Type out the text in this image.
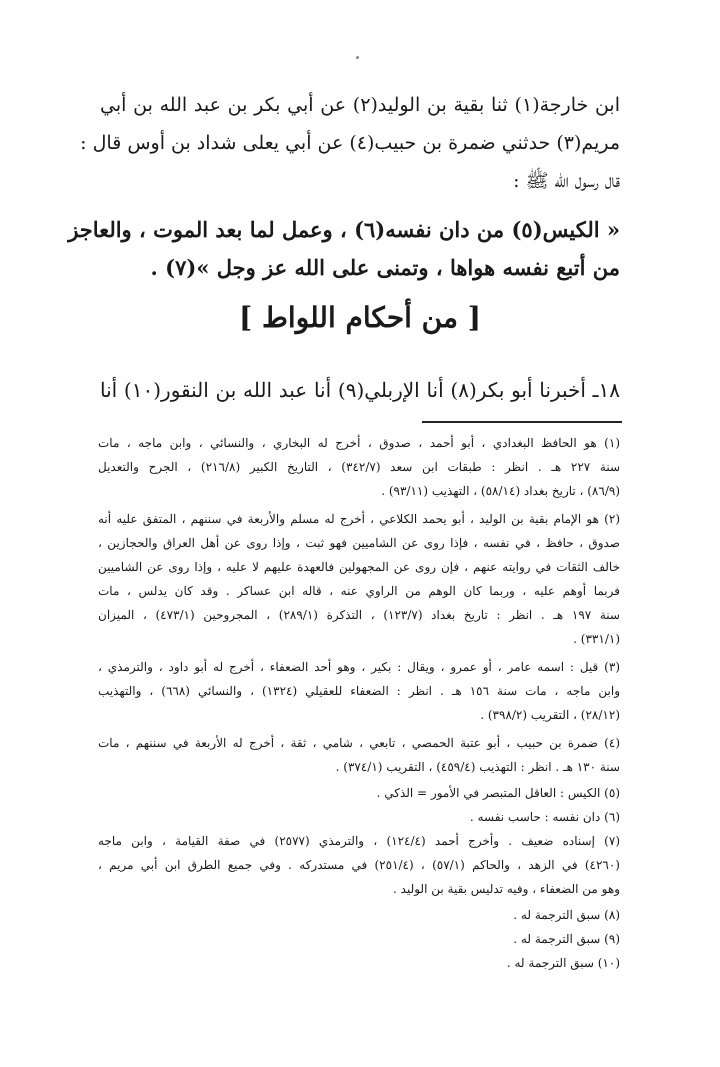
ابن خارجة(١) ثنا بقية بن الوليد(٢) عن أبي بكر بن عبد الله بن أبي
مريم(٣) حدثني ضمرة بن حبيب(٤) عن أبي يعلى شداد بن أوس قال :
قال رسول الله ﷺ :
« الكيس(٥) من دان نفسه(٦) ، وعمل لما بعد الموت ، والعاجز
من أتبع نفسه هواها ، وتمنى على الله عز وجل »(٧) .
[ من أحكام اللواط ]
١٨ـ أخبرنا أبو بكر(٨) أنا الإربلي(٩) أنا عبد الله بن النقور(١٠) أنا
(١) هو الحافظ البغدادي ، أبو أحمد ، صدوق ، أخرج له البخاري ، والنسائي ، وابن ماجه ، مات
سنة ٢٢٧ هـ . انظر : طبقات ابن سعد (٣٤٢/٧) ، التاريخ الكبير (٢١٦/٨) ، الجرح والتعديل
(٨٦/٩) ، تاريخ بغداد (٥٨/١٤) ، التهذيب (٩٣/١١) .
(٢) هو الإمام بقية بن الوليد ، أبو يحمد الكلاعي ، أخرج له مسلم والأربعة في سننهم ، المتفق عليه أنه
صدوق ، حافظ ، في نفسه ، فإذا روى عن الشاميين فهو ثبت ، وإذا روى عن أهل العراق والحجازين ،
خالف الثقات في روايته عنهم ، فإن روى عن المجهولين فالعهدة عليهم لا عليه ، وإذا روى عن الشاميين
فربما أوهم عليه ، وربما كان الوهم من الراوي عنه ، قاله ابن عساكر . وقد كان يدلس ، مات
سنة ١٩٧ هـ . انظر : تاريخ بغداد (١٢٣/٧) ، التذكرة (٢٨٩/١) ، المجروحين (٤٧٣/١) ، الميزان
(٣٣١/١) .
(٣) قيل : اسمه عامر ، أو عمرو ، ويقال : بكير ، وهو أحد الضعفاء ، أخرج له أبو داود ، والترمذي ،
وابن ماجه ، مات سنة ١٥٦ هـ . انظر : الضعفاء للعقيلي (١٣٢٤) ، والنسائي (٦٦٨) ، والتهذيب
(٢٨/١٢) ، التقريب (٣٩٨/٢) .
(٤) ضمرة بن حبيب ، أبو عتبة الحمصي ، تابعي ، شامي ، ثقة ، أخرج له الأربعة في سننهم ، مات
سنة ١٣٠ هـ . انظر : التهذيب (٤٥٩/٤) ، التقريب (٣٧٤/١) .
(٥) الكيس : العاقل المتبصر في الأمور = الذكي .
(٦) دان نفسه : حاسب نفسه .
(٧) إسناده ضعيف . وأخرج أحمد (١٢٤/٤) ، والترمذي (٢٥٧٧) في صفة القيامة ، وابن ماجه
(٤٢٦٠) في الزهد ، والحاكم (٥٧/١) ، (٢٥١/٤) في مستدركه . وفي جميع الطرق ابن أبي مريم ،
وهو من الضعفاء ، وفيه تدليس بقية بن الوليد .
(٨) سبق الترجمة له .
(٩) سبق الترجمة له .
(١٠) سبق الترجمة له .
